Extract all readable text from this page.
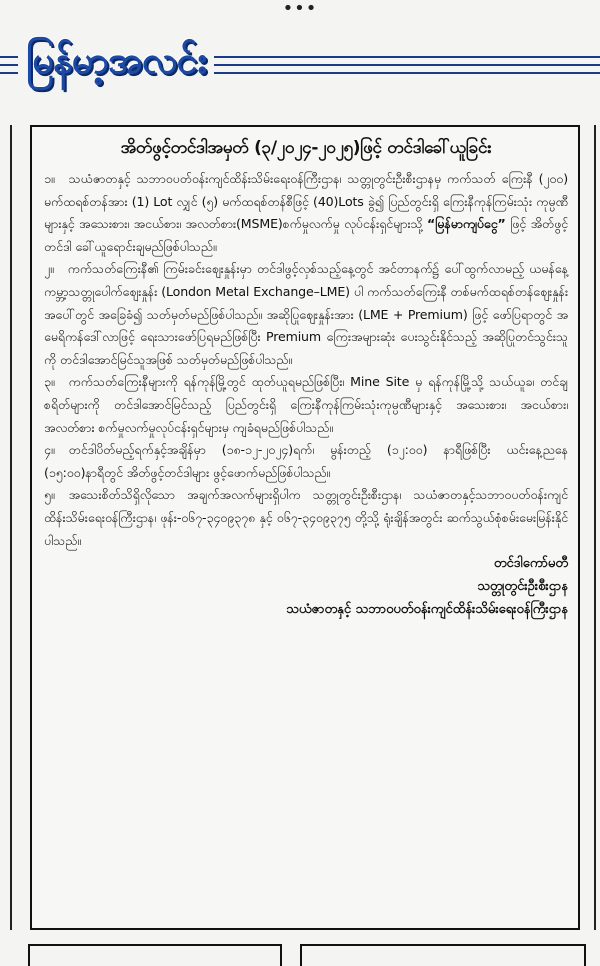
•••
မြန်မာ့အလင်း
အိတ်ဖွင့်တင်ဒါအမှတ် (၃/၂၀၂၄-၂၀၂၅)ဖြင့် တင်ဒါခေါ်ယူခြင်း

၁။ သယံဇာတနှင့် သဘာဝပတ်ဝန်းကျင်ထိန်းသိမ်းရေးဝန်ကြီးဌာန၊ သတ္တုတွင်းဦးစီးဌာနမှ ကက်သတ် ကြေးနီ (၂၀၀) မက်ထရစ်တန်အား (1) Lot လျှင် (၅) မက်ထရစ်တန်စီဖြင့် (40)Lots ခွဲ၍ ပြည်တွင်းရှိ ကြေးနီကုန်ကြမ်းသုံး ကုမ္ပဏီများနှင့် အသေးစား၊ အငယ်စား၊ အလတ်စား(MSME)စက်မှုလက်မှု လုပ်ငန်းရှင်များသို့ “မြန်မာကျပ်ငွေ” ဖြင့် အိတ်ဖွင့်တင်ဒါ ခေါ်ယူရောင်းချမည်ဖြစ်ပါသည်။

၂။ ကက်သတ်ကြေးနီ၏ ကြမ်းခင်းဈေးနှုန်းမှာ တင်ဒါဖွင့်လှစ်သည့်နေ့တွင် အင်တာနက်၌ ပေါ်ထွက်လာမည့် ယမန်နေ့ ကမ္ဘာ့သတ္တုပေါက်ဈေးနှုန်း (London Metal Exchange–LME) ပါ ကက်သတ်ကြေးနီ တစ်မက်ထရစ်တန်ဈေးနှုန်းအပေါ်တွင် အခြေခံ၍ သတ်မှတ်မည်ဖြစ်ပါသည်။ အဆိုပြုဈေးနှုန်းအား (LME + Premium) ဖြင့် ဖော်ပြရာတွင် အမေရိကန်ဒေါ်လာဖြင့် ရေးသားဖော်ပြရမည်ဖြစ်ပြီး Premium ကြေးအများဆုံး ပေးသွင်းနိုင်သည့် အဆိုပြုတင်သွင်းသူကို တင်ဒါအောင်မြင်သူအဖြစ် သတ်မှတ်မည်ဖြစ်ပါသည်။

၃။ ကက်သတ်ကြေးနီများကို ရန်ကုန်မြို့တွင် ထုတ်ယူရမည်ဖြစ်ပြီး၊ Mine Site မှ ရန်ကုန်မြို့သို့ သယ်ယူခ၊ တင်ချစရိတ်များကို တင်ဒါအောင်မြင်သည့် ပြည်တွင်းရှိ ကြေးနီကုန်ကြမ်းသုံးကုမ္ပဏီများနှင့် အသေးစား၊ အငယ်စား၊ အလတ်စား စက်မှုလက်မှုလုပ်ငန်းရှင်များမှ ကျခံရမည်ဖြစ်ပါသည်။

၄။ တင်ဒါပိတ်မည့်ရက်နှင့်အချိန်မှာ (၁၈-၁၂-၂၀၂၄)ရက်၊ မွန်းတည့် (၁၂:၀၀) နာရီဖြစ်ပြီး ယင်းနေ့ညနေ (၁၅:၀၀)နာရီတွင် အိတ်ဖွင့်တင်ဒါများ ဖွင့်ဖောက်မည်ဖြစ်ပါသည်။

၅။ အသေးစိတ်သိရှိလိုသော အချက်အလက်များရှိပါက သတ္တုတွင်းဦးစီးဌာန၊ သယံဇာတနှင့်သဘာဝပတ်ဝန်းကျင်ထိန်းသိမ်းရေးဝန်ကြီးဌာန၊ ဖုန်း-၀၆၇-၃၄၀၉၃၇၈ နှင့် ၀၆၇-၃၄၀၉၃၇၅ တို့သို့ ရုံးချိန်အတွင်း ဆက်သွယ်စုံစမ်းမေးမြန်းနိုင်ပါသည်။

တင်ဒါကော်မတီ
သတ္တုတွင်းဦးစီးဌာန
သယံဇာတနှင့် သဘာဝပတ်ဝန်းကျင်ထိန်းသိမ်းရေးဝန်ကြီးဌာန
